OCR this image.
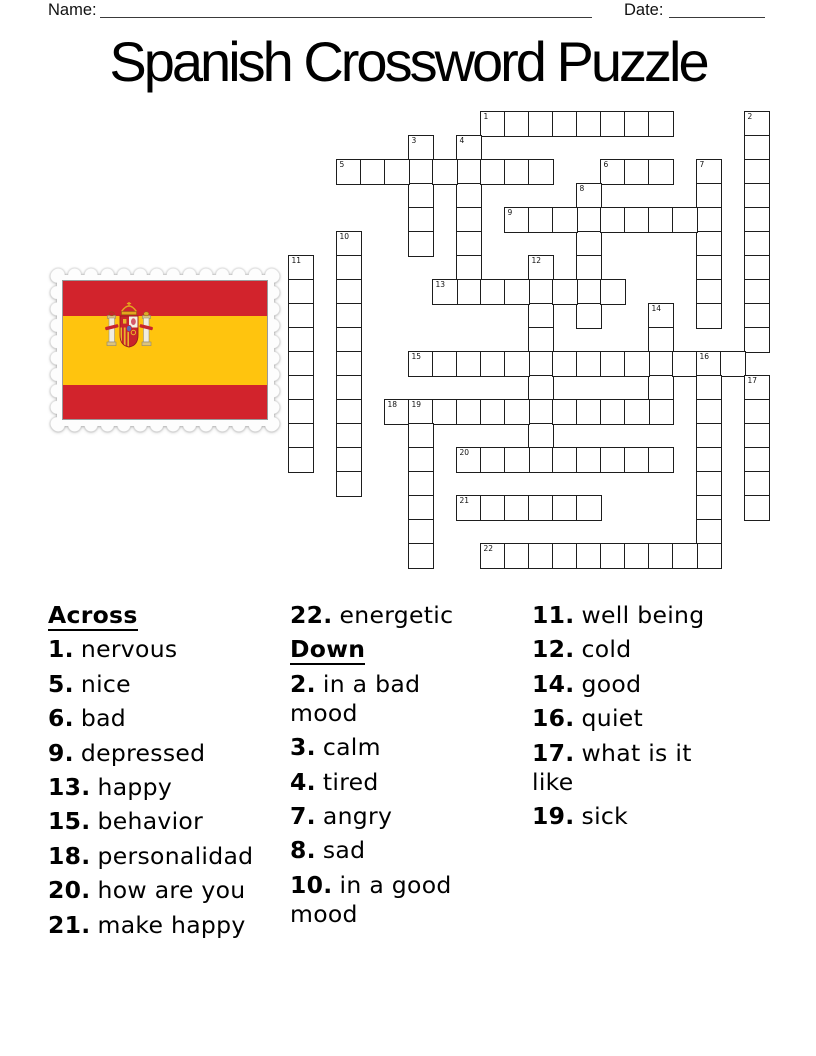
Name:	Date:
Spanish Crossword Puzzle
1	2
3	4
5	6	7
8
9
10
11	12
13
14
15	16
17
18 19
20
21
22
Across
1. nervous
5. nice
6. bad
9. depressed
13. happy
15. behavior
18. personalidad
20. how are you
21. make happy
22. energetic
Down
2. in a bad mood
3. calm
4. tired
7. angry
8. sad
10. in a good mood
11. well being
12. cold
14. good
16. quiet
17. what is it like
19. sick
